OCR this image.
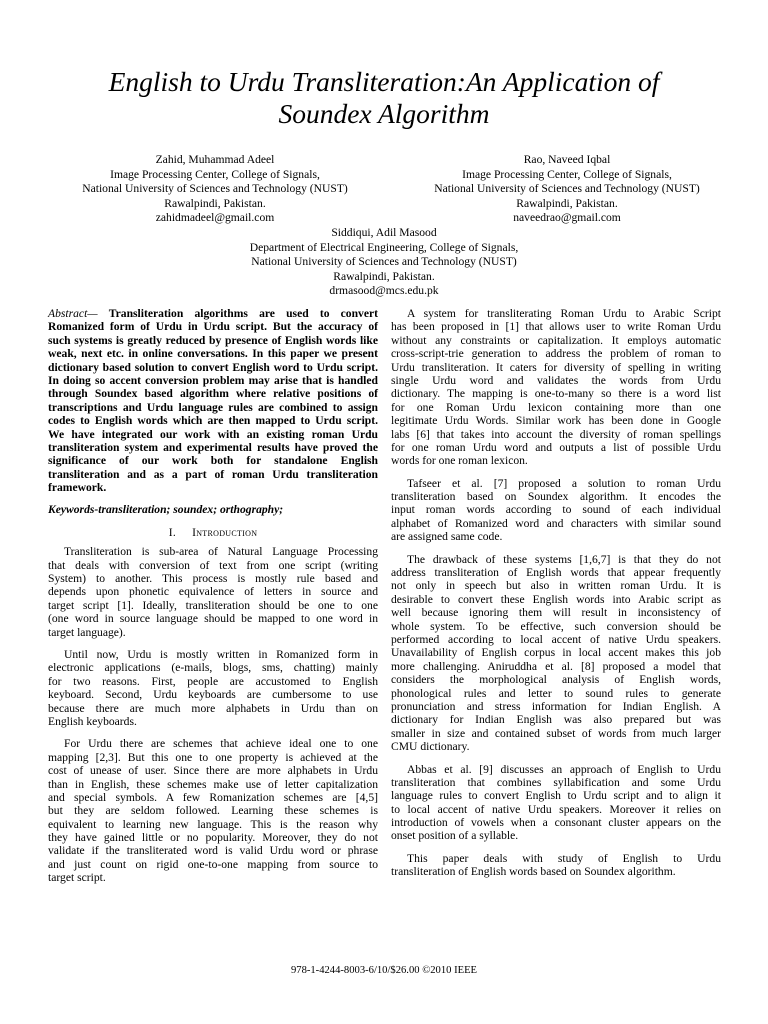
English to Urdu Transliteration:An Application of
Soundex Algorithm
Zahid, Muhammad Adeel
Image Processing Center, College of Signals,
National University of Sciences and Technology (NUST)
Rawalpindi, Pakistan.
zahidmadeel@gmail.com
Rao, Naveed Iqbal
Image Processing Center, College of Signals,
National University of Sciences and Technology (NUST)
Rawalpindi, Pakistan.
naveedrao@gmail.com
Siddiqui, Adil Masood
Department of Electrical Engineering, College of Signals,
National University of Sciences and Technology (NUST)
Rawalpindi, Pakistan.
drmasood@mcs.edu.pk
Abstract— Transliteration algorithms are used to convert
Romanized form of Urdu in Urdu script. But the accuracy of
such systems is greatly reduced by presence of English words like
weak, next etc. in online conversations. In this paper we present
dictionary based solution to convert English word to Urdu script.
In doing so accent conversion problem may arise that is handled
through Soundex based algorithm where relative positions of
transcriptions and Urdu language rules are combined to assign
codes to English words which are then mapped to Urdu script.
We have integrated our work with an existing roman Urdu
transliteration system and experimental results have proved the
significance of our work both for standalone English
transliteration and as a part of roman Urdu transliteration
framework.
Keywords-transliteration; soundex; orthography;
I. Introduction
Transliteration is sub-area of Natural Language Processing
that deals with conversion of text from one script (writing
System) to another. This process is mostly rule based and
depends upon phonetic equivalence of letters in source and
target script [1]. Ideally, transliteration should be one to one
(one word in source language should be mapped to one word in
target language).
Until now, Urdu is mostly written in Romanized form in
electronic applications (e-mails, blogs, sms, chatting) mainly
for two reasons. First, people are accustomed to English
keyboard. Second, Urdu keyboards are cumbersome to use
because there are much more alphabets in Urdu than on
English keyboards.
For Urdu there are schemes that achieve ideal one to one
mapping [2,3]. But this one to one property is achieved at the
cost of unease of user. Since there are more alphabets in Urdu
than in English, these schemes make use of letter capitalization
and special symbols. A few Romanization schemes are [4,5]
but they are seldom followed. Learning these schemes is
equivalent to learning new language. This is the reason why
they have gained little or no popularity. Moreover, they do not
validate if the transliterated word is valid Urdu word or phrase
and just count on rigid one-to-one mapping from source to
target script.
A system for transliterating Roman Urdu to Arabic Script
has been proposed in [1] that allows user to write Roman Urdu
without any constraints or capitalization. It employs automatic
cross-script-trie generation to address the problem of roman to
Urdu transliteration. It caters for diversity of spelling in writing
single Urdu word and validates the words from Urdu
dictionary. The mapping is one-to-many so there is a word list
for one Roman Urdu lexicon containing more than one
legitimate Urdu Words. Similar work has been done in Google
labs [6] that takes into account the diversity of roman spellings
for one roman Urdu word and outputs a list of possible Urdu
words for one roman lexicon.
Tafseer et al. [7] proposed a solution to roman Urdu
transliteration based on Soundex algorithm. It encodes the
input roman words according to sound of each individual
alphabet of Romanized word and characters with similar sound
are assigned same code.
The drawback of these systems [1,6,7] is that they do not
address transliteration of English words that appear frequently
not only in speech but also in written roman Urdu. It is
desirable to convert these English words into Arabic script as
well because ignoring them will result in inconsistency of
whole system. To be effective, such conversion should be
performed according to local accent of native Urdu speakers.
Unavailability of English corpus in local accent makes this job
more challenging. Aniruddha et al. [8] proposed a model that
considers the morphological analysis of English words,
phonological rules and letter to sound rules to generate
pronunciation and stress information for Indian English. A
dictionary for Indian English was also prepared but was
smaller in size and contained subset of words from much larger
CMU dictionary.
Abbas et al. [9] discusses an approach of English to Urdu
transliteration that combines syllabification and some Urdu
language rules to convert English to Urdu script and to align it
to local accent of native Urdu speakers. Moreover it relies on
introduction of vowels when a consonant cluster appears on the
onset position of a syllable.
This paper deals with study of English to Urdu
transliteration of English words based on Soundex algorithm.
978-1-4244-8003-6/10/$26.00 ©2010 IEEE
